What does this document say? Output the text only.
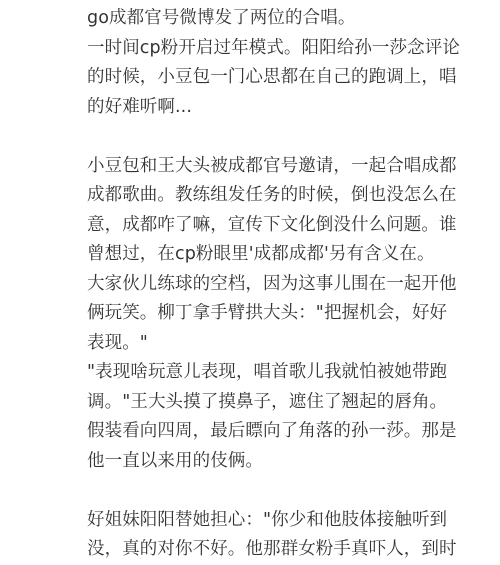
go成都官号微博发了两位的合唱。
一时间cp粉开启过年模式。阳阳给孙一莎念评论
的时候，小豆包一门心思都在自己的跑调上，唱
的好难听啊...
小豆包和王大头被成都官号邀请，一起合唱成都
成都歌曲。教练组发任务的时候，倒也没怎么在
意，成都咋了嘛，宣传下文化倒没什么问题。谁
曾想过，在cp粉眼里'成都成都'另有含义在。
大家伙儿练球的空档，因为这事儿围在一起开他
俩玩笑。柳丁拿手臂拱大头："把握机会，好好
表现。"
"表现啥玩意儿表现，唱首歌儿我就怕被她带跑
调。"王大头摸了摸鼻子，遮住了翘起的唇角。
假装看向四周，最后瞟向了角落的孙一莎。那是
他一直以来用的伎俩。
好姐妹阳阳替她担心："你少和他肢体接触听到
没，真的对你不好。他那群女粉手真吓人，到时
